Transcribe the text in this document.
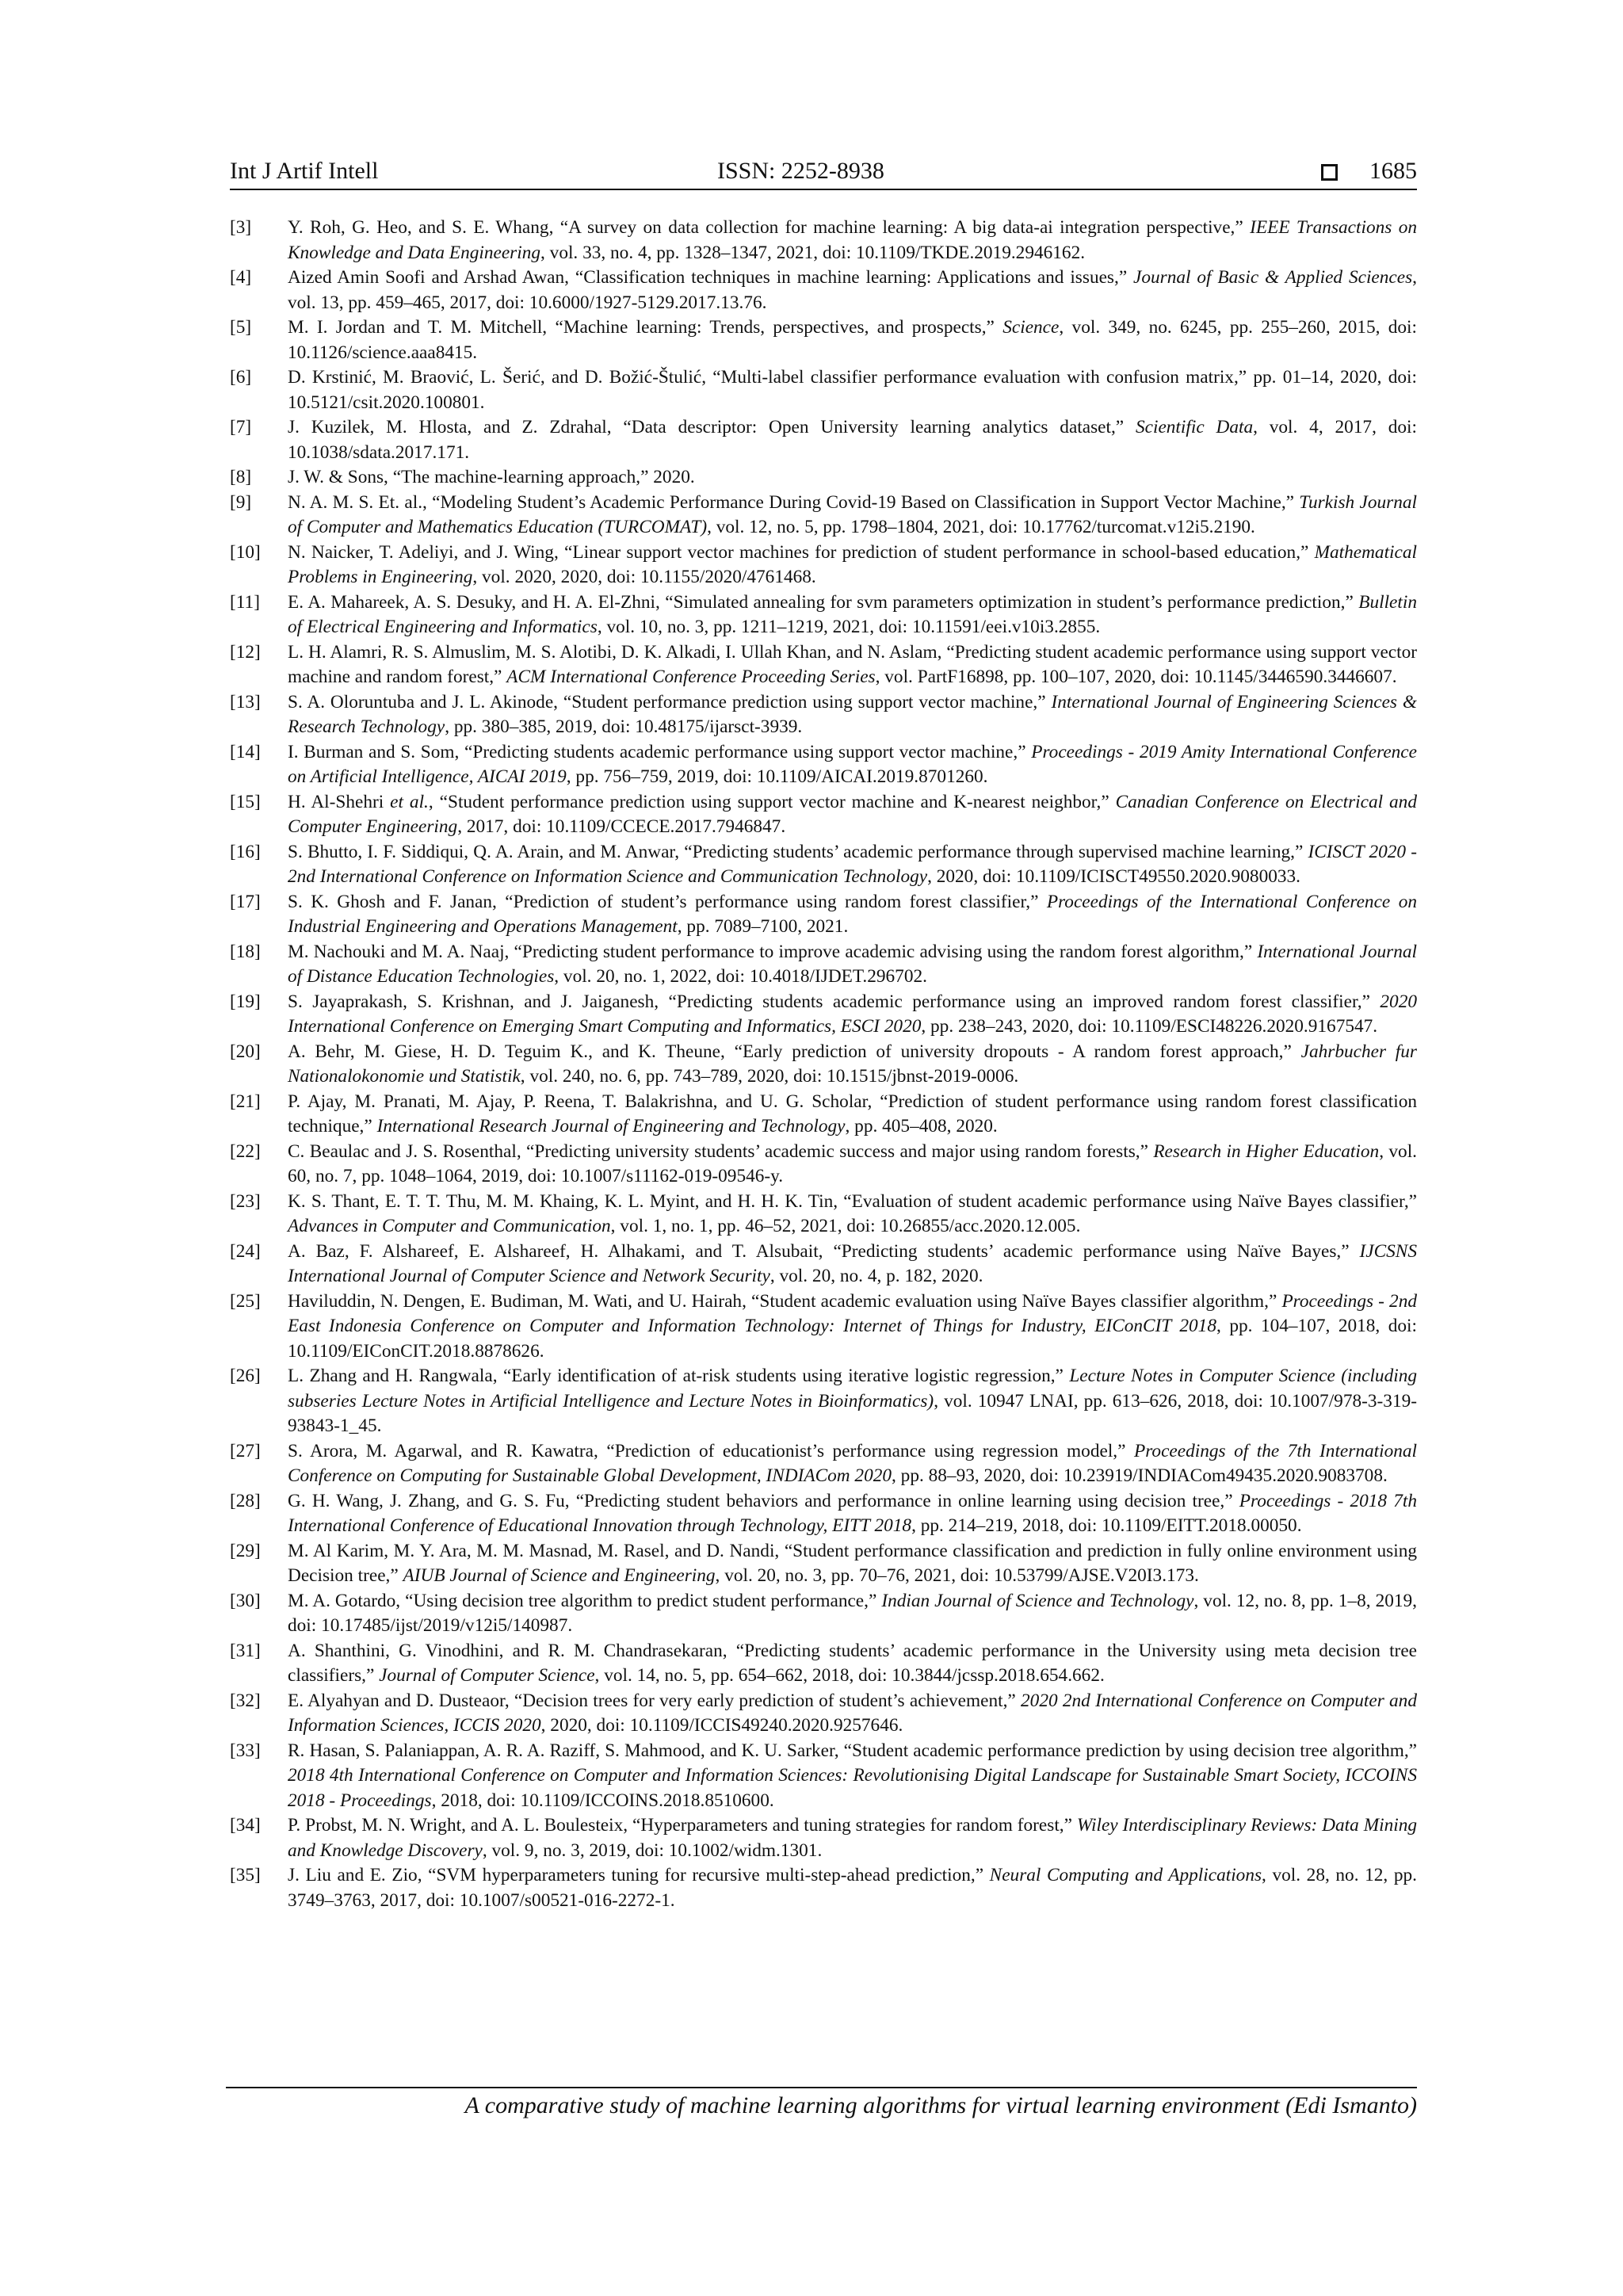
Int J Artif Intell	ISSN: 2252-8938	1685
[3]	Y. Roh, G. Heo, and S. E. Whang, “A survey on data collection for machine learning: A big data-ai integration perspective,” IEEE Transactions on Knowledge and Data Engineering, vol. 33, no. 4, pp. 1328–1347, 2021, doi: 10.1109/TKDE.2019.2946162.
[4]	Aized Amin Soofi and Arshad Awan, “Classification techniques in machine learning: Applications and issues,” Journal of Basic & Applied Sciences, vol. 13, pp. 459–465, 2017, doi: 10.6000/1927-5129.2017.13.76.
[5]	M. I. Jordan and T. M. Mitchell, “Machine learning: Trends, perspectives, and prospects,” Science, vol. 349, no. 6245, pp. 255–260, 2015, doi: 10.1126/science.aaa8415.
[6]	D. Krstinić, M. Braović, L. Šerić, and D. Božić-Štulić, “Multi-label classifier performance evaluation with confusion matrix,” pp. 01–14, 2020, doi: 10.5121/csit.2020.100801.
[7]	J. Kuzilek, M. Hlosta, and Z. Zdrahal, “Data descriptor: Open University learning analytics dataset,” Scientific Data, vol. 4, 2017, doi: 10.1038/sdata.2017.171.
[8]	J. W. & Sons, “The machine-learning approach,” 2020.
[9]	N. A. M. S. Et. al., “Modeling Student’s Academic Performance During Covid-19 Based on Classification in Support Vector Machine,” Turkish Journal of Computer and Mathematics Education (TURCOMAT), vol. 12, no. 5, pp. 1798–1804, 2021, doi: 10.17762/turcomat.v12i5.2190.
[10]	N. Naicker, T. Adeliyi, and J. Wing, “Linear support vector machines for prediction of student performance in school-based education,” Mathematical Problems in Engineering, vol. 2020, 2020, doi: 10.1155/2020/4761468.
[11]	E. A. Mahareek, A. S. Desuky, and H. A. El-Zhni, “Simulated annealing for svm parameters optimization in student’s performance prediction,” Bulletin of Electrical Engineering and Informatics, vol. 10, no. 3, pp. 1211–1219, 2021, doi: 10.11591/eei.v10i3.2855.
[12]	L. H. Alamri, R. S. Almuslim, M. S. Alotibi, D. K. Alkadi, I. Ullah Khan, and N. Aslam, “Predicting student academic performance using support vector machine and random forest,” ACM International Conference Proceeding Series, vol. PartF16898, pp. 100–107, 2020, doi: 10.1145/3446590.3446607.
[13]	S. A. Oloruntuba and J. L. Akinode, “Student performance prediction using support vector machine,” International Journal of Engineering Sciences & Research Technology, pp. 380–385, 2019, doi: 10.48175/ijarsct-3939.
[14]	I. Burman and S. Som, “Predicting students academic performance using support vector machine,” Proceedings - 2019 Amity International Conference on Artificial Intelligence, AICAI 2019, pp. 756–759, 2019, doi: 10.1109/AICAI.2019.8701260.
[15]	H. Al-Shehri et al., “Student performance prediction using support vector machine and K-nearest neighbor,” Canadian Conference on Electrical and Computer Engineering, 2017, doi: 10.1109/CCECE.2017.7946847.
[16]	S. Bhutto, I. F. Siddiqui, Q. A. Arain, and M. Anwar, “Predicting students’ academic performance through supervised machine learning,” ICISCT 2020 - 2nd International Conference on Information Science and Communication Technology, 2020, doi: 10.1109/ICISCT49550.2020.9080033.
[17]	S. K. Ghosh and F. Janan, “Prediction of student’s performance using random forest classifier,” Proceedings of the International Conference on Industrial Engineering and Operations Management, pp. 7089–7100, 2021.
[18]	M. Nachouki and M. A. Naaj, “Predicting student performance to improve academic advising using the random forest algorithm,” International Journal of Distance Education Technologies, vol. 20, no. 1, 2022, doi: 10.4018/IJDET.296702.
[19]	S. Jayaprakash, S. Krishnan, and J. Jaiganesh, “Predicting students academic performance using an improved random forest classifier,” 2020 International Conference on Emerging Smart Computing and Informatics, ESCI 2020, pp. 238–243, 2020, doi: 10.1109/ESCI48226.2020.9167547.
[20]	A. Behr, M. Giese, H. D. Teguim K., and K. Theune, “Early prediction of university dropouts - A random forest approach,” Jahrbucher fur Nationalokonomie und Statistik, vol. 240, no. 6, pp. 743–789, 2020, doi: 10.1515/jbnst-2019-0006.
[21]	P. Ajay, M. Pranati, M. Ajay, P. Reena, T. Balakrishna, and U. G. Scholar, “Prediction of student performance using random forest classification technique,” International Research Journal of Engineering and Technology, pp. 405–408, 2020.
[22]	C. Beaulac and J. S. Rosenthal, “Predicting university students’ academic success and major using random forests,” Research in Higher Education, vol. 60, no. 7, pp. 1048–1064, 2019, doi: 10.1007/s11162-019-09546-y.
[23]	K. S. Thant, E. T. T. Thu, M. M. Khaing, K. L. Myint, and H. H. K. Tin, “Evaluation of student academic performance using Naïve Bayes classifier,” Advances in Computer and Communication, vol. 1, no. 1, pp. 46–52, 2021, doi: 10.26855/acc.2020.12.005.
[24]	A. Baz, F. Alshareef, E. Alshareef, H. Alhakami, and T. Alsubait, “Predicting students’ academic performance using Naïve Bayes,” IJCSNS International Journal of Computer Science and Network Security, vol. 20, no. 4, p. 182, 2020.
[25]	Haviluddin, N. Dengen, E. Budiman, M. Wati, and U. Hairah, “Student academic evaluation using Naïve Bayes classifier algorithm,” Proceedings - 2nd East Indonesia Conference on Computer and Information Technology: Internet of Things for Industry, EIConCIT 2018, pp. 104–107, 2018, doi: 10.1109/EIConCIT.2018.8878626.
[26]	L. Zhang and H. Rangwala, “Early identification of at-risk students using iterative logistic regression,” Lecture Notes in Computer Science (including subseries Lecture Notes in Artificial Intelligence and Lecture Notes in Bioinformatics), vol. 10947 LNAI, pp. 613–626, 2018, doi: 10.1007/978-3-319-93843-1_45.
[27]	S. Arora, M. Agarwal, and R. Kawatra, “Prediction of educationist’s performance using regression model,” Proceedings of the 7th International Conference on Computing for Sustainable Global Development, INDIACom 2020, pp. 88–93, 2020, doi: 10.23919/INDIACom49435.2020.9083708.
[28]	G. H. Wang, J. Zhang, and G. S. Fu, “Predicting student behaviors and performance in online learning using decision tree,” Proceedings - 2018 7th International Conference of Educational Innovation through Technology, EITT 2018, pp. 214–219, 2018, doi: 10.1109/EITT.2018.00050.
[29]	M. Al Karim, M. Y. Ara, M. M. Masnad, M. Rasel, and D. Nandi, “Student performance classification and prediction in fully online environment using Decision tree,” AIUB Journal of Science and Engineering, vol. 20, no. 3, pp. 70–76, 2021, doi: 10.53799/AJSE.V20I3.173.
[30]	M. A. Gotardo, “Using decision tree algorithm to predict student performance,” Indian Journal of Science and Technology, vol. 12, no. 8, pp. 1–8, 2019, doi: 10.17485/ijst/2019/v12i5/140987.
[31]	A. Shanthini, G. Vinodhini, and R. M. Chandrasekaran, “Predicting students’ academic performance in the University using meta decision tree classifiers,” Journal of Computer Science, vol. 14, no. 5, pp. 654–662, 2018, doi: 10.3844/jcssp.2018.654.662.
[32]	E. Alyahyan and D. Dusteaor, “Decision trees for very early prediction of student’s achievement,” 2020 2nd International Conference on Computer and Information Sciences, ICCIS 2020, 2020, doi: 10.1109/ICCIS49240.2020.9257646.
[33]	R. Hasan, S. Palaniappan, A. R. A. Raziff, S. Mahmood, and K. U. Sarker, “Student academic performance prediction by using decision tree algorithm,” 2018 4th International Conference on Computer and Information Sciences: Revolutionising Digital Landscape for Sustainable Smart Society, ICCOINS 2018 - Proceedings, 2018, doi: 10.1109/ICCOINS.2018.8510600.
[34]	P. Probst, M. N. Wright, and A. L. Boulesteix, “Hyperparameters and tuning strategies for random forest,” Wiley Interdisciplinary Reviews: Data Mining and Knowledge Discovery, vol. 9, no. 3, 2019, doi: 10.1002/widm.1301.
[35]	J. Liu and E. Zio, “SVM hyperparameters tuning for recursive multi-step-ahead prediction,” Neural Computing and Applications, vol. 28, no. 12, pp. 3749–3763, 2017, doi: 10.1007/s00521-016-2272-1.
A comparative study of machine learning algorithms for virtual learning environment (Edi Ismanto)
